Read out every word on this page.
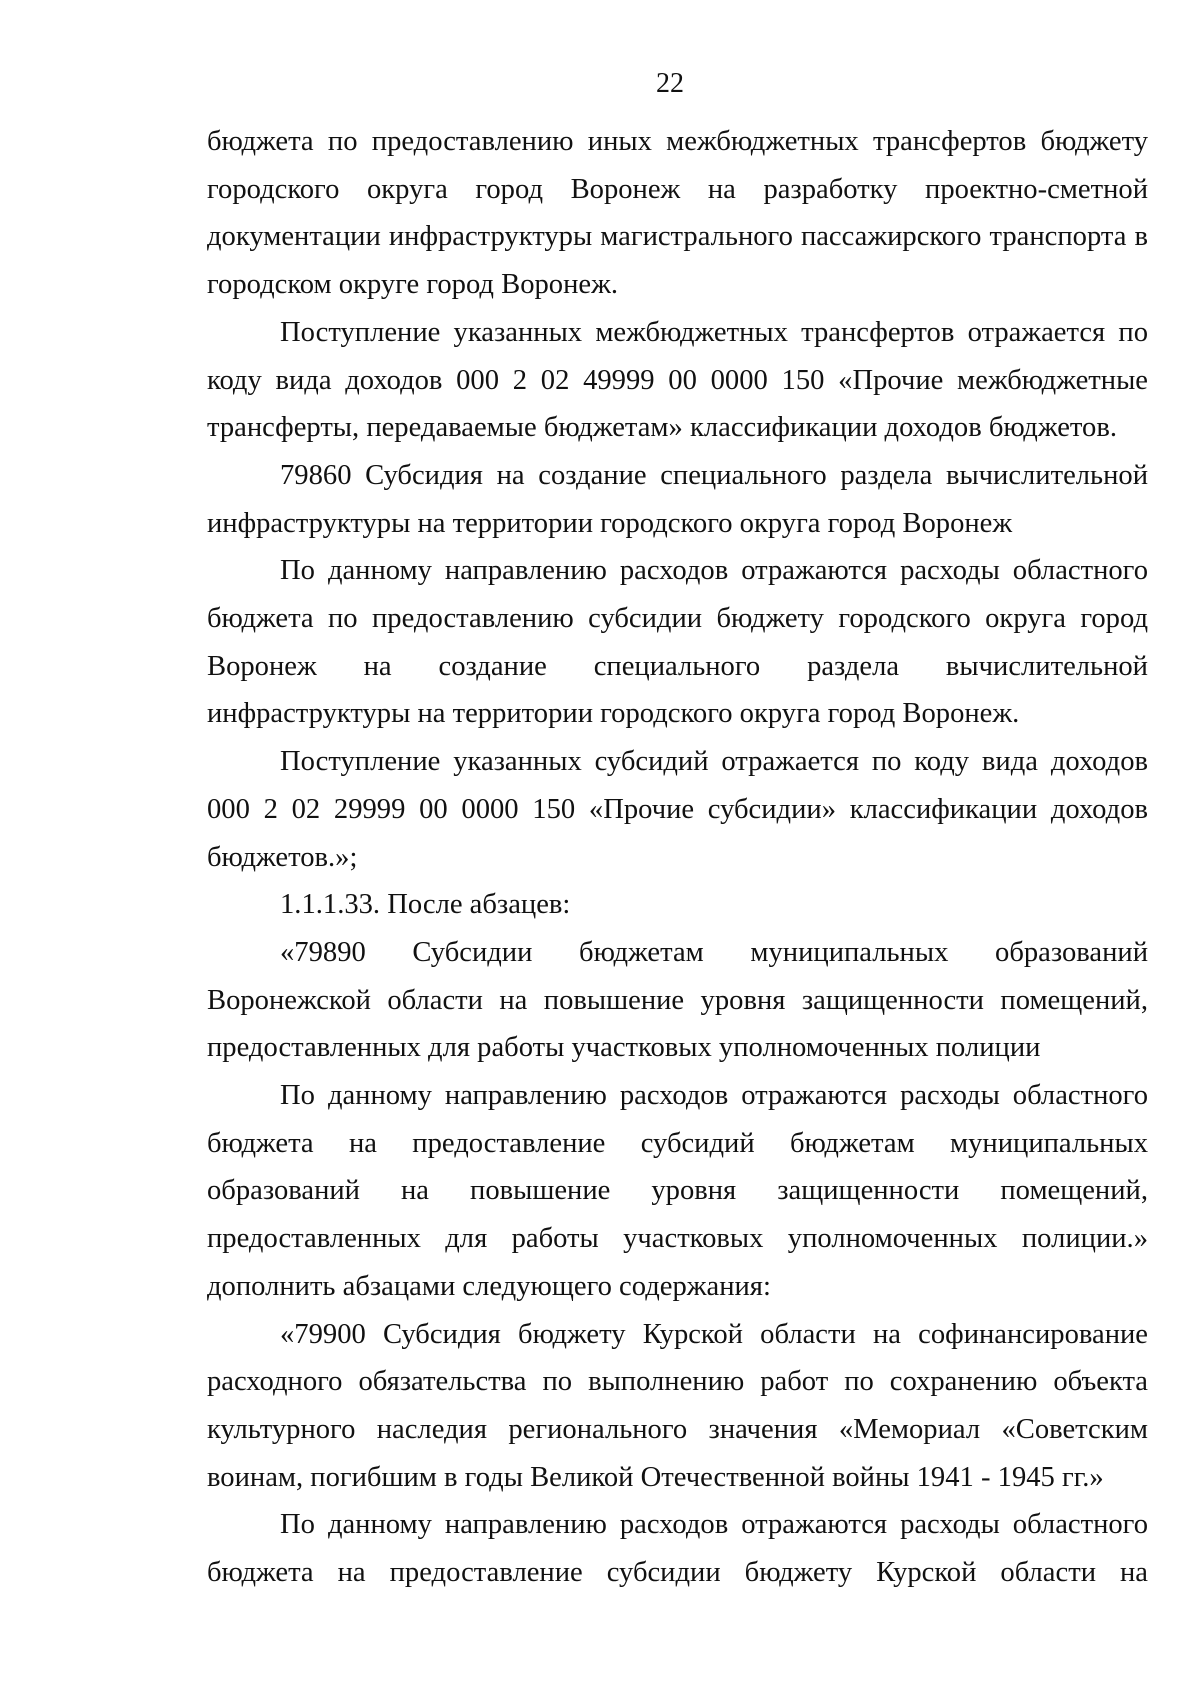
22

бюджета по предоставлению иных межбюджетных трансфертов бюджету городского округа город Воронеж на разработку проектно-сметной документации инфраструктуры магистрального пассажирского транспорта в городском округе город Воронеж.

Поступление указанных межбюджетных трансфертов отражается по коду вида доходов 000 2 02 49999 00 0000 150 «Прочие межбюджетные трансферты, передаваемые бюджетам» классификации доходов бюджетов.

79860 Субсидия на создание специального раздела вычислительной инфраструктуры на территории городского округа город Воронеж

По данному направлению расходов отражаются расходы областного бюджета по предоставлению субсидии бюджету городского округа город Воронеж на создание специального раздела вычислительной инфраструктуры на территории городского округа город Воронеж.

Поступление указанных субсидий отражается по коду вида доходов 000 2 02 29999 00 0000 150 «Прочие субсидии» классификации доходов бюджетов.»;

1.1.1.33. После абзацев:

«79890 Субсидии бюджетам муниципальных образований Воронежской области на повышение уровня защищенности помещений, предоставленных для работы участковых уполномоченных полиции

По данному направлению расходов отражаются расходы областного бюджета на предоставление субсидий бюджетам муниципальных образований на повышение уровня защищенности помещений, предоставленных для работы участковых уполномоченных полиции.» дополнить абзацами следующего содержания:

«79900 Субсидия бюджету Курской области на софинансирование расходного обязательства по выполнению работ по сохранению объекта культурного наследия регионального значения «Мемориал «Советским воинам, погибшим в годы Великой Отечественной войны 1941 - 1945 гг.»

По данному направлению расходов отражаются расходы областного бюджета на предоставление субсидии бюджету Курской области на
